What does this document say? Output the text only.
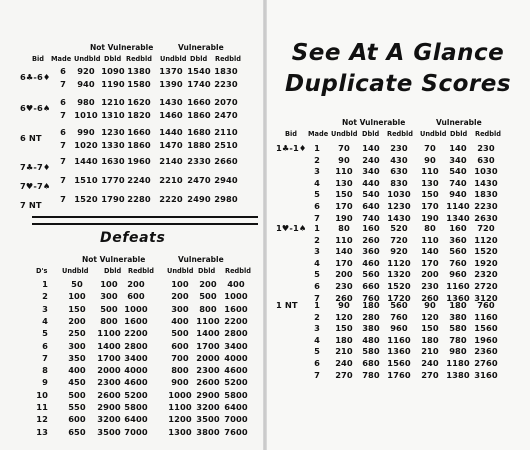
Not Vulnerable	Vulnerable
Bid Made Undbld Dbld Redbld Undbld Dbld Redbld
6♣-6♦
6	920 1090 1380	1370 1540 1830
7	940 1190 1580	1390 1740 2230
6♥-6♠
6	980 1210 1620	1430 1660 2070
7	1010 1310 1820	1460 1860 2470
6 NT
6	990 1230 1660	1440 1680 2110
7	1020 1330 1860	1470 1880 2510
7♣-7♦
7	1440 1630 1960	2140 2330 2660
7♥-7♠
7	1510 1770 2240	2210 2470 2940
7 NT
7	1520 1790 2280	2220 2490 2980
Defeats
Not Vulnerable	Vulnerable
D's Undbld Dbld Redbld Undbld Dbld Redbld
1	50	100	200	100	200	400
2	100	300	600	200	500 1000
3	150	500 1000	300	800 1600
4	200	800 1600	400 1100 2200
5	250	1100 2200	500 1400 2800
6	300	1400 2800	600 1700 3400
7	350	1700 3400	700 2000 4000
8	400	2000 4000	800 2300 4600
9	450	2300 4600	900 2600 5200
10	500	2600 5200	1000 2900 5800
11	550	2900 5800	1100 3200 6400
12	600	3200 6400	1200 3500 7000
13	650	3500 7000	1300 3800 7600
See At A Glance
Duplicate Scores
Not Vulnerable	Vulnerable
Bid Made Undbld Dbld Redbld Undbld Dbld Redbld
1♣-1♦ 1	70	140	230	70	140	230
2	90	240	430	90	340	630
3	110	340	630	110	540 1030
4	130	440	830	130	740 1430
5	150	540 1030	150	940 1830
6	170	640 1230	170 1140 2230
7	190	740 1430	190 1340 2630
1♥-1♠ 1	80	160	520	80	160	720
2	110	260	720	110	360 1120
3	140	360	920	140	560 1520
4	170	460 1120	170	760 1920
5	200	560 1320	200	960 2320
6	230	660 1520	230 1160 2720
7	260	760 1720	260 1360 3120
1 NT	1	90	180	560	90	180	760
2	120	280	760	120	380 1160
3	150	380	960	150	580 1560
4	180	480 1160	180	780 1960
5	210	580 1360	210	980 2360
6	240	680 1560	240 1180 2760
7	270	780 1760	270 1380 3160
